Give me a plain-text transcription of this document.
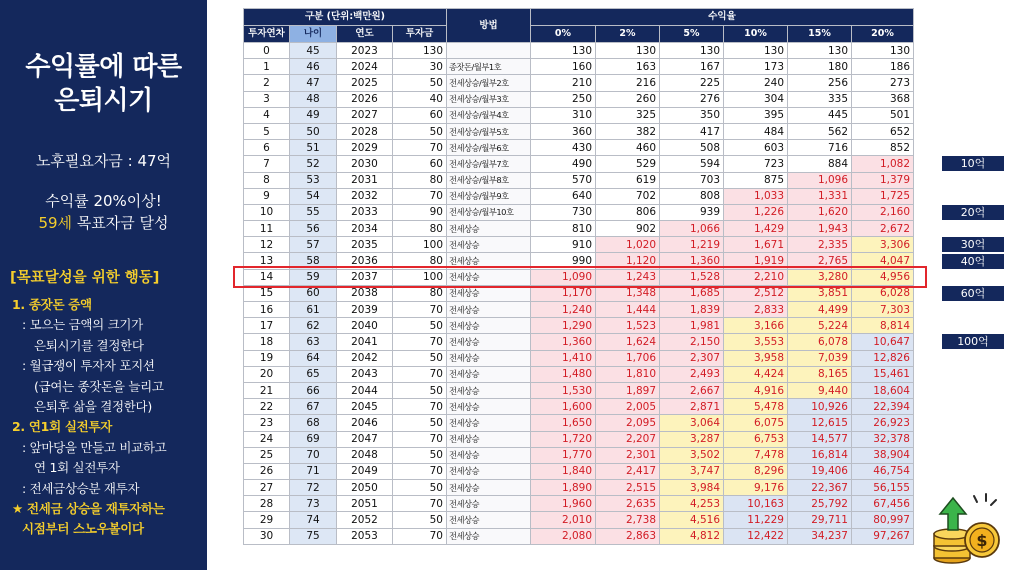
수익률에 따른
은퇴시기
노후필요자금 : 47억
수익률 20%이상!
59세 목표자금 달성
[목표달성을 위한 행동]
1. 종잣돈 증액
: 모으는 금액의 크기가
은퇴시기를 결정한다
: 월급쟁이 투자자 포지션
(급여는 종잣돈을 늘리고
은퇴후 삶을 결정한다)
2. 연1회 실전투자
: 앞마당을 만들고 비교하고
연 1회 실전투자
: 전세금상승분 재투자
★ 전세금 상승을 재투자하는
시점부터 스노우볼이다
구분 (단위:백만원)				방법	수익율					
투자연차	나이	연도	투자금		0%	2%	5%	10%	15%	20%
0	45	2023	130		130	130	130	130	130	130
1	46	2024	30	종잣돈/월부1호	160	163	167	173	180	186
2	47	2025	50	전세상승/월부2호	210	216	225	240	256	273
3	48	2026	40	전세상승/월부3호	250	260	276	304	335	368
4	49	2027	60	전세상승/월부4호	310	325	350	395	445	501
5	50	2028	50	전세상승/월부5호	360	382	417	484	562	652
6	51	2029	70	전세상승/월부6호	430	460	508	603	716	852
7	52	2030	60	전세상승/월부7호	490	529	594	723	884	1,082
8	53	2031	80	전세상승/월부8호	570	619	703	875	1,096	1,379
9	54	2032	70	전세상승/월부9호	640	702	808	1,033	1,331	1,725
10	55	2033	90	전세상승/월부10호	730	806	939	1,226	1,620	2,160
11	56	2034	80	전세상승	810	902	1,066	1,429	1,943	2,672
12	57	2035	100	전세상승	910	1,020	1,219	1,671	2,335	3,306
13	58	2036	80	전세상승	990	1,120	1,360	1,919	2,765	4,047
14	59	2037	100	전세상승	1,090	1,243	1,528	2,210	3,280	4,956
15	60	2038	80	전세상승	1,170	1,348	1,685	2,512	3,851	6,028
16	61	2039	70	전세상승	1,240	1,444	1,839	2,833	4,499	7,303
17	62	2040	50	전세상승	1,290	1,523	1,981	3,166	5,224	8,814
18	63	2041	70	전세상승	1,360	1,624	2,150	3,553	6,078	10,647
19	64	2042	50	전세상승	1,410	1,706	2,307	3,958	7,039	12,826
20	65	2043	70	전세상승	1,480	1,810	2,493	4,424	8,165	15,461
21	66	2044	50	전세상승	1,530	1,897	2,667	4,916	9,440	18,604
22	67	2045	70	전세상승	1,600	2,005	2,871	5,478	10,926	22,394
23	68	2046	50	전세상승	1,650	2,095	3,064	6,075	12,615	26,923
24	69	2047	70	전세상승	1,720	2,207	3,287	6,753	14,577	32,378
25	70	2048	50	전세상승	1,770	2,301	3,502	7,478	16,814	38,904
26	71	2049	70	전세상승	1,840	2,417	3,747	8,296	19,406	46,754
27	72	2050	50	전세상승	1,890	2,515	3,984	9,176	22,367	56,155
28	73	2051	70	전세상승	1,960	2,635	4,253	10,163	25,792	67,456
29	74	2052	50	전세상승	2,010	2,738	4,516	11,229	29,711	80,997
30	75	2053	70	전세상승	2,080	2,863	4,812	12,422	34,237	97,267
10억
20억
30억
40억
60억
100억
$
